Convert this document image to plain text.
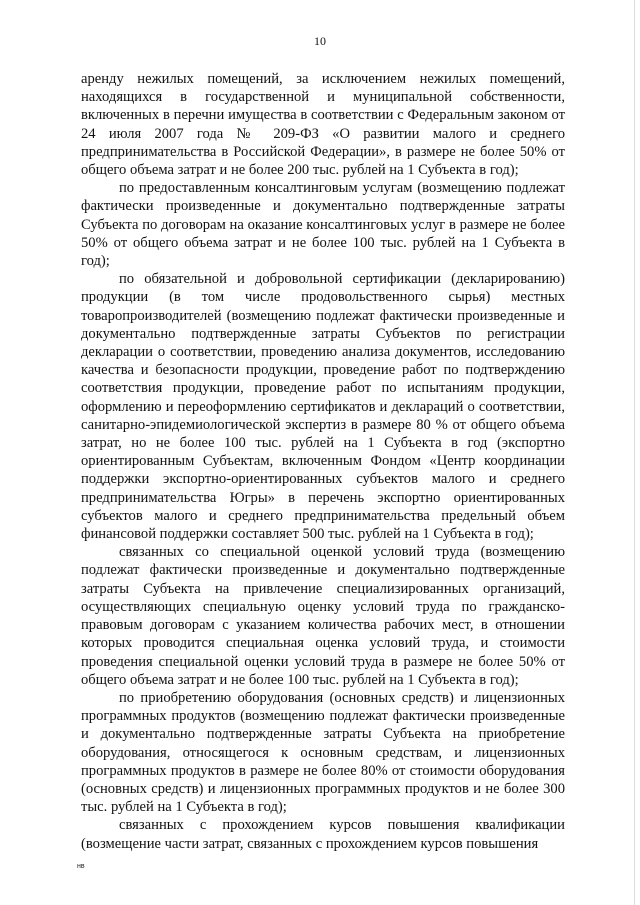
10

аренду нежилых помещений, за исключением нежилых помещений, находящихся в государственной и муниципальной собственности, включенных в перечни имущества в соответствии с Федеральным законом от 24 июля 2007 года № 209-ФЗ «О развитии малого и среднего предпринимательства в Российской Федерации», в размере не более 50% от общего объема затрат и не более 200 тыс. рублей на 1 Субъекта в год);

по предоставленным консалтинговым услугам (возмещению подлежат фактически произведенные и документально подтвержденные затраты Субъекта по договорам на оказание консалтинговых услуг в размере не более 50% от общего объема затрат и не более 100 тыс. рублей на 1 Субъекта в год);

по обязательной и добровольной сертификации (декларированию) продукции (в том числе продовольственного сырья) местных товаропроизводителей (возмещению подлежат фактически произведенные и документально подтвержденные затраты Субъектов по регистрации декларации о соответствии, проведению анализа документов, исследованию качества и безопасности продукции, проведение работ по подтверждению соответствия продукции, проведение работ по испытаниям продукции, оформлению и переоформлению сертификатов и деклараций о соответствии, санитарно-эпидемиологической экспертиз в размере 80 % от общего объема затрат, но не более 100 тыс. рублей на 1 Субъекта в год (экспортно ориентированным Субъектам, включенным Фондом «Центр координации поддержки экспортно-ориентированных субъектов малого и среднего предпринимательства Югры» в перечень экспортно ориентированных субъектов малого и среднего предпринимательства предельный объем финансовой поддержки составляет 500 тыс. рублей на 1 Субъекта в год);

связанных со специальной оценкой условий труда (возмещению подлежат фактически произведенные и документально подтвержденные затраты Субъекта на привлечение специализированных организаций, осуществляющих специальную оценку условий труда по гражданско-правовым договорам с указанием количества рабочих мест, в отношении которых проводится специальная оценка условий труда, и стоимости проведения специальной оценки условий труда в размере не более 50% от общего объема затрат и не более 100 тыс. рублей на 1 Субъекта в год);

по приобретению оборудования (основных средств) и лицензионных программных продуктов (возмещению подлежат фактически произведенные и документально подтвержденные затраты Субъекта на приобретение оборудования, относящегося к основным средствам, и лицензионных программных продуктов в размере не более 80% от стоимости оборудования (основных средств) и лицензионных программных продуктов и не более 300 тыс. рублей на 1 Субъекта в год);

связанных с прохождением курсов повышения квалификации (возмещение части затрат, связанных с прохождением курсов повышения

нв
